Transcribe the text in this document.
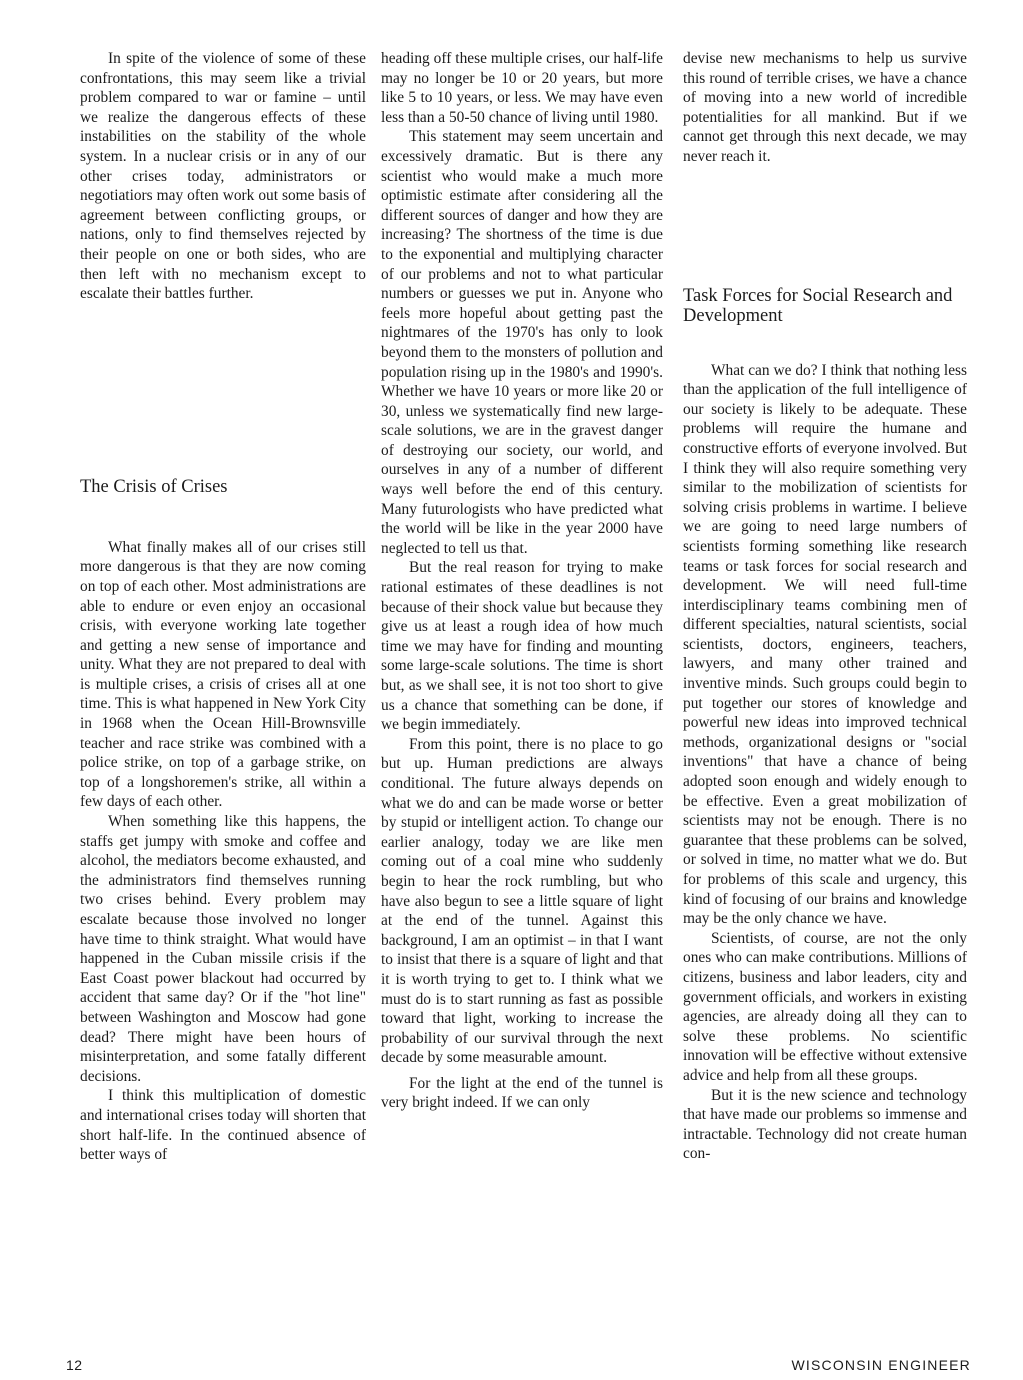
In spite of the violence of some of these confrontations, this may seem like a trivial problem compared to war or famine – until we realize the dangerous effects of these instabilities on the stability of the whole system. In a nuclear crisis or in any of our other crises today, administrators or negotiatiors may often work out some basis of agreement between conflicting groups, or nations, only to find themselves rejected by their people on one or both sides, who are then left with no mechanism except to escalate their battles further.

The Crisis of Crises

What finally makes all of our crises still more dangerous is that they are now coming on top of each other. Most administrations are able to endure or even enjoy an occasional crisis, with everyone working late together and getting a new sense of importance and unity. What they are not prepared to deal with is multiple crises, a crisis of crises all at one time. This is what happened in New York City in 1968 when the Ocean Hill-Brownsville teacher and race strike was combined with a police strike, on top of a garbage strike, on top of a longshoremen's strike, all within a few days of each other.

When something like this happens, the staffs get jumpy with smoke and coffee and alcohol, the mediators become exhausted, and the administrators find themselves running two crises behind. Every problem may escalate because those involved no longer have time to think straight. What would have happened in the Cuban missile crisis if the East Coast power blackout had occurred by accident that same day? Or if the "hot line" between Washington and Moscow had gone dead? There might have been hours of misinterpretation, and some fatally different decisions.

I think this multiplication of domestic and international crises today will shorten that short half-life. In the continued absence of better ways of

heading off these multiple crises, our half-life may no longer be 10 or 20 years, but more like 5 to 10 years, or less. We may have even less than a 50-50 chance of living until 1980.

This statement may seem uncertain and excessively dramatic. But is there any scientist who would make a much more optimistic estimate after considering all the different sources of danger and how they are increasing? The shortness of the time is due to the exponential and multiplying character of our problems and not to what particular numbers or guesses we put in. Anyone who feels more hopeful about getting past the nightmares of the 1970's has only to look beyond them to the monsters of pollution and population rising up in the 1980's and 1990's. Whether we have 10 years or more like 20 or 30, unless we systematically find new large-scale solutions, we are in the gravest danger of destroying our society, our world, and ourselves in any of a number of different ways well before the end of this century. Many futurologists who have predicted what the world will be like in the year 2000 have neglected to tell us that.

But the real reason for trying to make rational estimates of these deadlines is not because of their shock value but because they give us at least a rough idea of how much time we may have for finding and mounting some large-scale solutions. The time is short but, as we shall see, it is not too short to give us a chance that something can be done, if we begin immediately.

From this point, there is no place to go but up. Human predictions are always conditional. The future always depends on what we do and can be made worse or better by stupid or intelligent action. To change our earlier analogy, today we are like men coming out of a coal mine who suddenly begin to hear the rock rumbling, but who have also begun to see a little square of light at the end of the tunnel. Against this background, I am an optimist – in that I want to insist that there is a square of light and that it is worth trying to get to. I think what we must do is to start running as fast as possible toward that light, working to increase the probability of our survival through the next decade by some measurable amount.

For the light at the end of the tunnel is very bright indeed. If we can only

devise new mechanisms to help us survive this round of terrible crises, we have a chance of moving into a new world of incredible potentialities for all mankind. But if we cannot get through this next decade, we may never reach it.

Task Forces for Social Research and Development

What can we do? I think that nothing less than the application of the full intelligence of our society is likely to be adequate. These problems will require the humane and constructive efforts of everyone involved. But I think they will also require something very similar to the mobilization of scientists for solving crisis problems in wartime. I believe we are going to need large numbers of scientists forming something like research teams or task forces for social research and development. We will need full-time interdisciplinary teams combining men of different specialties, natural scientists, social scientists, doctors, engineers, teachers, lawyers, and many other trained and inventive minds. Such groups could begin to put together our stores of knowledge and powerful new ideas into improved technical methods, organizational designs or "social inventions" that have a chance of being adopted soon enough and widely enough to be effective. Even a great mobilization of scientists may not be enough. There is no guarantee that these problems can be solved, or solved in time, no matter what we do. But for problems of this scale and urgency, this kind of focusing of our brains and knowledge may be the only chance we have.

Scientists, of course, are not the only ones who can make contributions. Millions of citizens, business and labor leaders, city and government officials, and workers in existing agencies, are already doing all they can to solve these problems. No scientific innovation will be effective without extensive advice and help from all these groups.

But it is the new science and technology that have made our problems so immense and intractable. Technology did not create human con-

12	WISCONSIN ENGINEER
